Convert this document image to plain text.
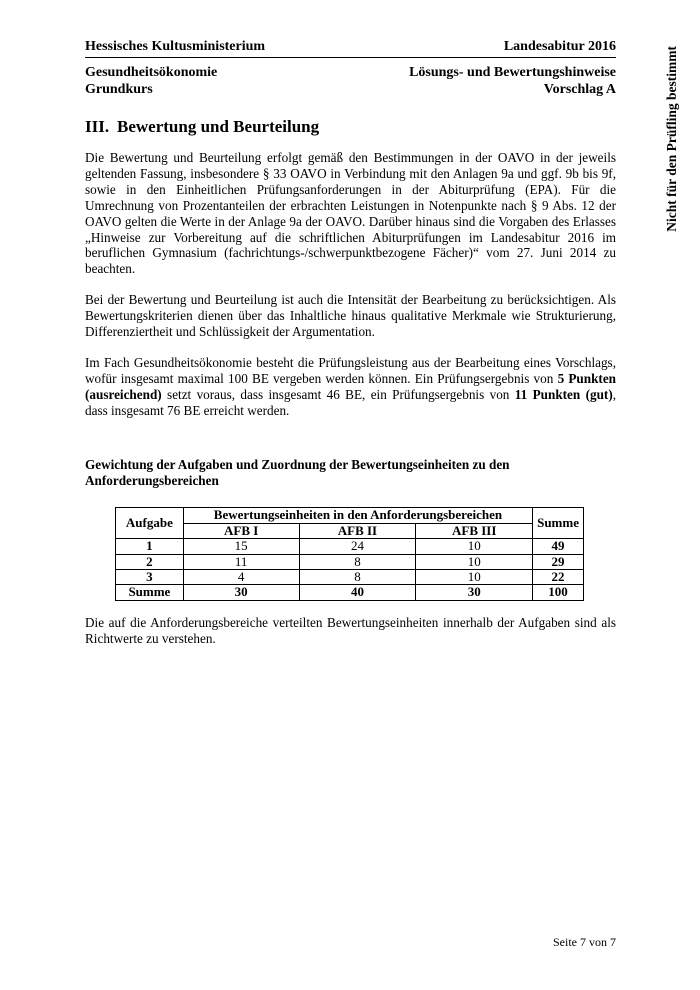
Hessisches Kultusministerium	Landesabitur 2016
Gesundheitsökonomie	Lösungs- und Bewertungshinweise
Grundkurs	Vorschlag A
III. Bewertung und Beurteilung

Die Bewertung und Beurteilung erfolgt gemäß den Bestimmungen in der OAVO in der jeweils geltenden Fassung, insbesondere § 33 OAVO in Verbindung mit den Anlagen 9a und ggf. 9b bis 9f, sowie in den Einheitlichen Prüfungsanforderungen in der Abiturprüfung (EPA). Für die Umrechnung von Prozentanteilen der erbrachten Leistungen in Notenpunkte nach § 9 Abs. 12 der OAVO gelten die Werte in der Anlage 9a der OAVO. Darüber hinaus sind die Vorgaben des Erlasses „Hinweise zur Vorbereitung auf die schriftlichen Abiturprüfungen im Landesabitur 2016 im beruflichen Gymnasium (fachrichtungs-/schwerpunktbezogene Fächer)“ vom 27. Juni 2014 zu beachten.

Bei der Bewertung und Beurteilung ist auch die Intensität der Bearbeitung zu berücksichtigen. Als Bewertungskriterien dienen über das Inhaltliche hinaus qualitative Merkmale wie Strukturierung, Differenziertheit und Schlüssigkeit der Argumentation.

Im Fach Gesundheitsökonomie besteht die Prüfungsleistung aus der Bearbeitung eines Vorschlags, wofür insgesamt maximal 100 BE vergeben werden können. Ein Prüfungsergebnis von 5 Punkten (ausreichend) setzt voraus, dass insgesamt 46 BE, ein Prüfungsergebnis von 11 Punkten (gut), dass insgesamt 76 BE erreicht werden.

Gewichtung der Aufgaben und Zuordnung der Bewertungseinheiten zu den Anforderungsbereichen
Aufgabe	Bewertungseinheiten in den Anforderungsbereichen			Summe
	AFB I	AFB II	AFB III	
1	15	24	10	49
2	11	8	10	29
3	4	8	10	22
Summe	30	40	30	100

Die auf die Anforderungsbereiche verteilten Bewertungseinheiten innerhalb der Aufgaben sind als Richtwerte zu verstehen.

Nicht für den Prüfling bestimmt
Seite 7 von 7
